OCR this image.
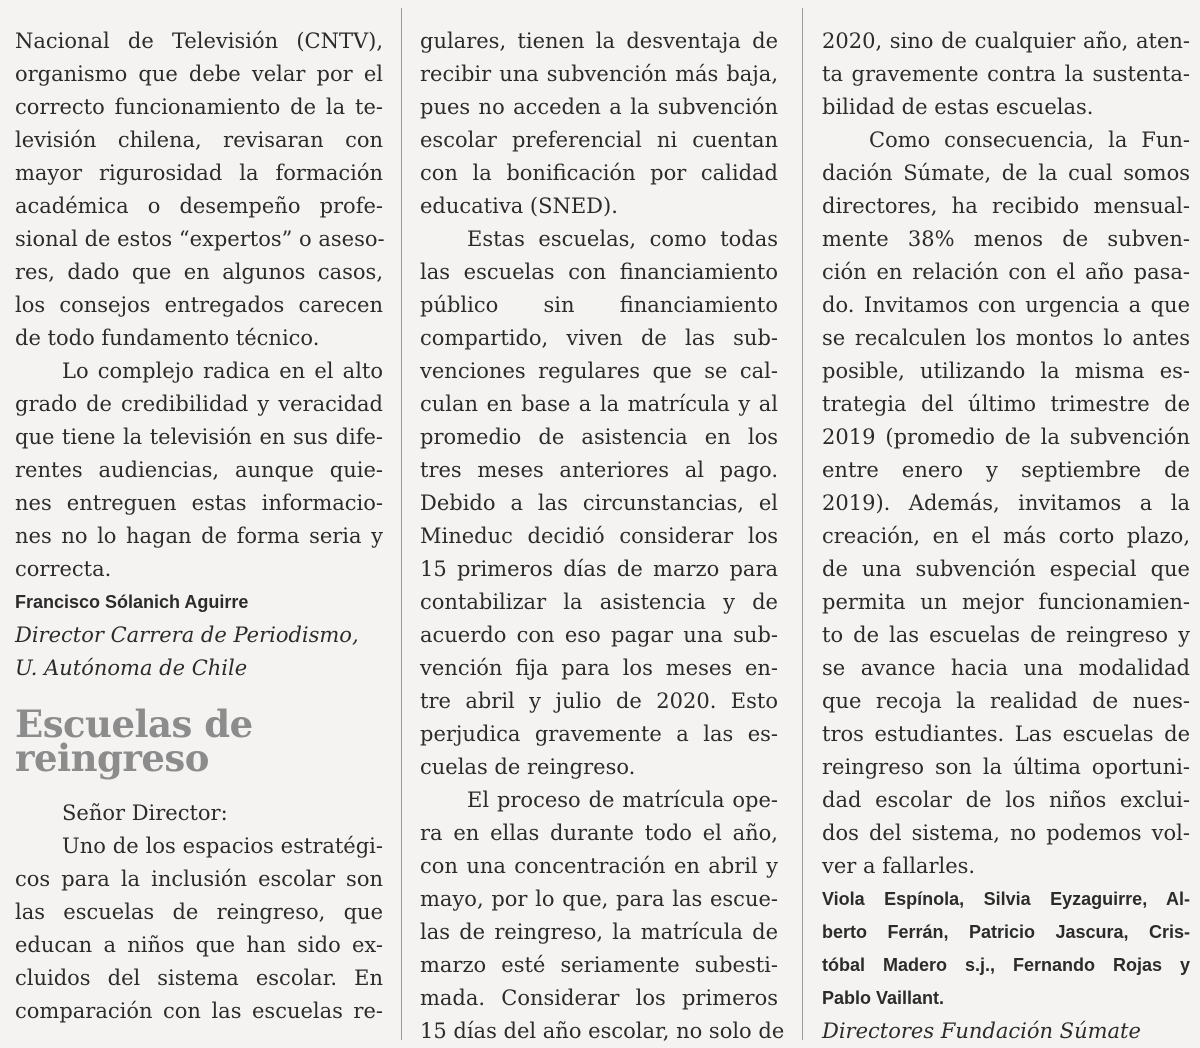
Nacional de Televisión (CNTV),
organismo que debe velar por el
correcto funcionamiento de la te-
levisión chilena, revisaran con
mayor rigurosidad la formación
académica o desempeño profe-
sional de estos “expertos” o aseso-
res, dado que en algunos casos,
los consejos entregados carecen
de todo fundamento técnico.
Lo complejo radica en el alto
grado de credibilidad y veracidad
que tiene la televisión en sus dife-
rentes audiencias, aunque quie-
nes entreguen estas informacio-
nes no lo hagan de forma seria y
correcta.
Francisco Sólanich Aguirre
Director Carrera de Periodismo,
U. Autónoma de Chile
Escuelas de
reingreso
Señor Director:
Uno de los espacios estratégi-
cos para la inclusión escolar son
las escuelas de reingreso, que
educan a niños que han sido ex-
cluidos del sistema escolar. En
comparación con las escuelas re-
gulares, tienen la desventaja de
recibir una subvención más baja,
pues no acceden a la subvención
escolar preferencial ni cuentan
con la bonificación por calidad
educativa (SNED).
Estas escuelas, como todas
las escuelas con financiamiento
público sin financiamiento
compartido, viven de las sub-
venciones regulares que se cal-
culan en base a la matrícula y al
promedio de asistencia en los
tres meses anteriores al pago.
Debido a las circunstancias, el
Mineduc decidió considerar los
15 primeros días de marzo para
contabilizar la asistencia y de
acuerdo con eso pagar una sub-
vención fija para los meses en-
tre abril y julio de 2020. Esto
perjudica gravemente a las es-
cuelas de reingreso.
El proceso de matrícula ope-
ra en ellas durante todo el año,
con una concentración en abril y
mayo, por lo que, para las escue-
las de reingreso, la matrícula de
marzo esté seriamente subesti-
mada. Considerar los primeros
15 días del año escolar, no solo de
2020, sino de cualquier año, aten-
ta gravemente contra la sustenta-
bilidad de estas escuelas.
Como consecuencia, la Fun-
dación Súmate, de la cual somos
directores, ha recibido mensual-
mente 38% menos de subven-
ción en relación con el año pasa-
do. Invitamos con urgencia a que
se recalculen los montos lo antes
posible, utilizando la misma es-
trategia del último trimestre de
2019 (promedio de la subvención
entre enero y septiembre de
2019). Además, invitamos a la
creación, en el más corto plazo,
de una subvención especial que
permita un mejor funcionamien-
to de las escuelas de reingreso y
se avance hacia una modalidad
que recoja la realidad de nues-
tros estudiantes. Las escuelas de
reingreso son la última oportuni-
dad escolar de los niños exclui-
dos del sistema, no podemos vol-
ver a fallarles.
Viola Espínola, Silvia Eyzaguirre, Al-
berto Ferrán, Patricio Jascura, Cris-
tóbal Madero s.j., Fernando Rojas y
Pablo Vaillant.
Directores Fundación Súmate
